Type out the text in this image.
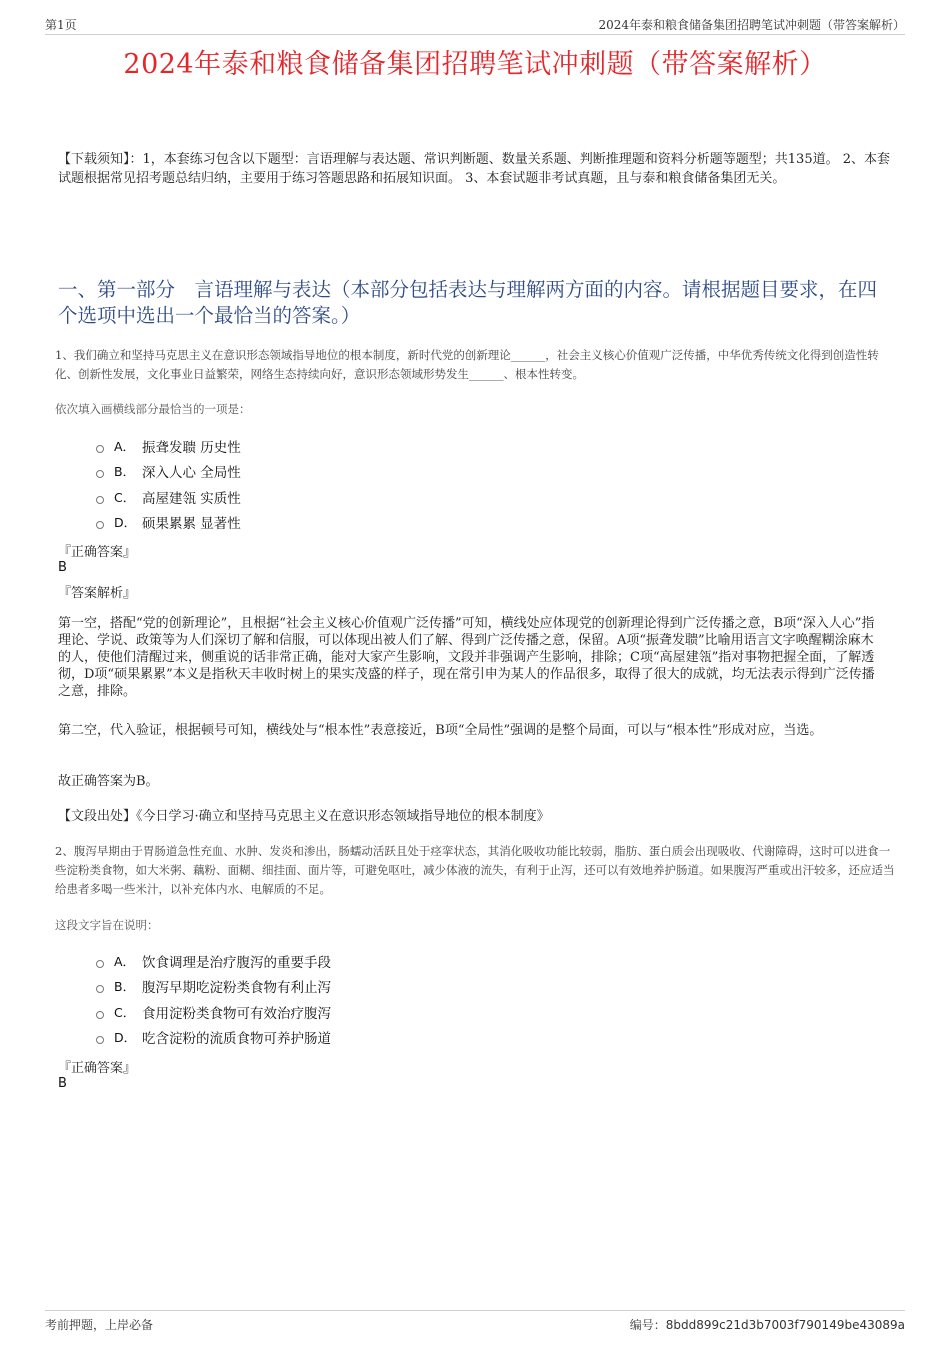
第1页	2024年泰和粮食储备集团招聘笔试冲刺题（带答案解析）
2024年泰和粮食储备集团招聘笔试冲刺题（带答案解析）
【下载须知】：1，本套练习包含以下题型：言语理解与表达题、常识判断题、数量关系题、判断推理题和资料分析题等题型；共135道。 2、本套试题根据常见招考题总结归纳，主要用于练习答题思路和拓展知识面。 3、本套试题非考试真题，且与泰和粮食储备集团无关。
一、第一部分　言语理解与表达（本部分包括表达与理解两方面的内容。请根据题目要求，在四个选项中选出一个最恰当的答案。）
1、我们确立和坚持马克思主义在意识形态领域指导地位的根本制度，新时代党的创新理论______，社会主义核心价值观广泛传播，中华优秀传统文化得到创造性转化、创新性发展，文化事业日益繁荣，网络生态持续向好，意识形态领域形势发生______、根本性转变。
依次填入画横线部分最恰当的一项是：
A． 振聋发聩 历史性
B． 深入人心 全局性
C． 高屋建瓴 实质性
D． 硕果累累 显著性
『正确答案』
B
『答案解析』
第一空，搭配“党的创新理论”，且根据“社会主义核心价值观广泛传播”可知，横线处应体现党的创新理论得到广泛传播之意，B项“深入人心”指理论、学说、政策等为人们深切了解和信服，可以体现出被人们了解、得到广泛传播之意，保留。A项“振聋发聩”比喻用语言文字唤醒糊涂麻木的人，使他们清醒过来，侧重说的话非常正确，能对大家产生影响，文段并非强调产生影响，排除；C项“高屋建瓴”指对事物把握全面，了解透彻，D项“硕果累累”本义是指秋天丰收时树上的果实茂盛的样子，现在常引申为某人的作品很多，取得了很大的成就，均无法表示得到广泛传播之意，排除。
第二空，代入验证，根据顿号可知，横线处与“根本性”表意接近，B项“全局性”强调的是整个局面，可以与“根本性”形成对应，当选。
故正确答案为B。
【文段出处】《今日学习·确立和坚持马克思主义在意识形态领域指导地位的根本制度》
2、腹泻早期由于胃肠道急性充血、水肿、发炎和渗出，肠蠕动活跃且处于痉挛状态，其消化吸收功能比较弱，脂肪、蛋白质会出现吸收、代谢障碍，这时可以进食一些淀粉类食物，如大米粥、藕粉、面糊、细挂面、面片等，可避免呕吐，减少体液的流失，有利于止泻，还可以有效地养护肠道。如果腹泻严重或出汗较多，还应适当给患者多喝一些米汁，以补充体内水、电解质的不足。
这段文字旨在说明：
A． 饮食调理是治疗腹泻的重要手段
B． 腹泻早期吃淀粉类食物有利止泻
C． 食用淀粉类食物可有效治疗腹泻
D． 吃含淀粉的流质食物可养护肠道
『正确答案』
B
考前押题，上岸必备	编号：8bdd899c21d3b7003f790149be43089a
